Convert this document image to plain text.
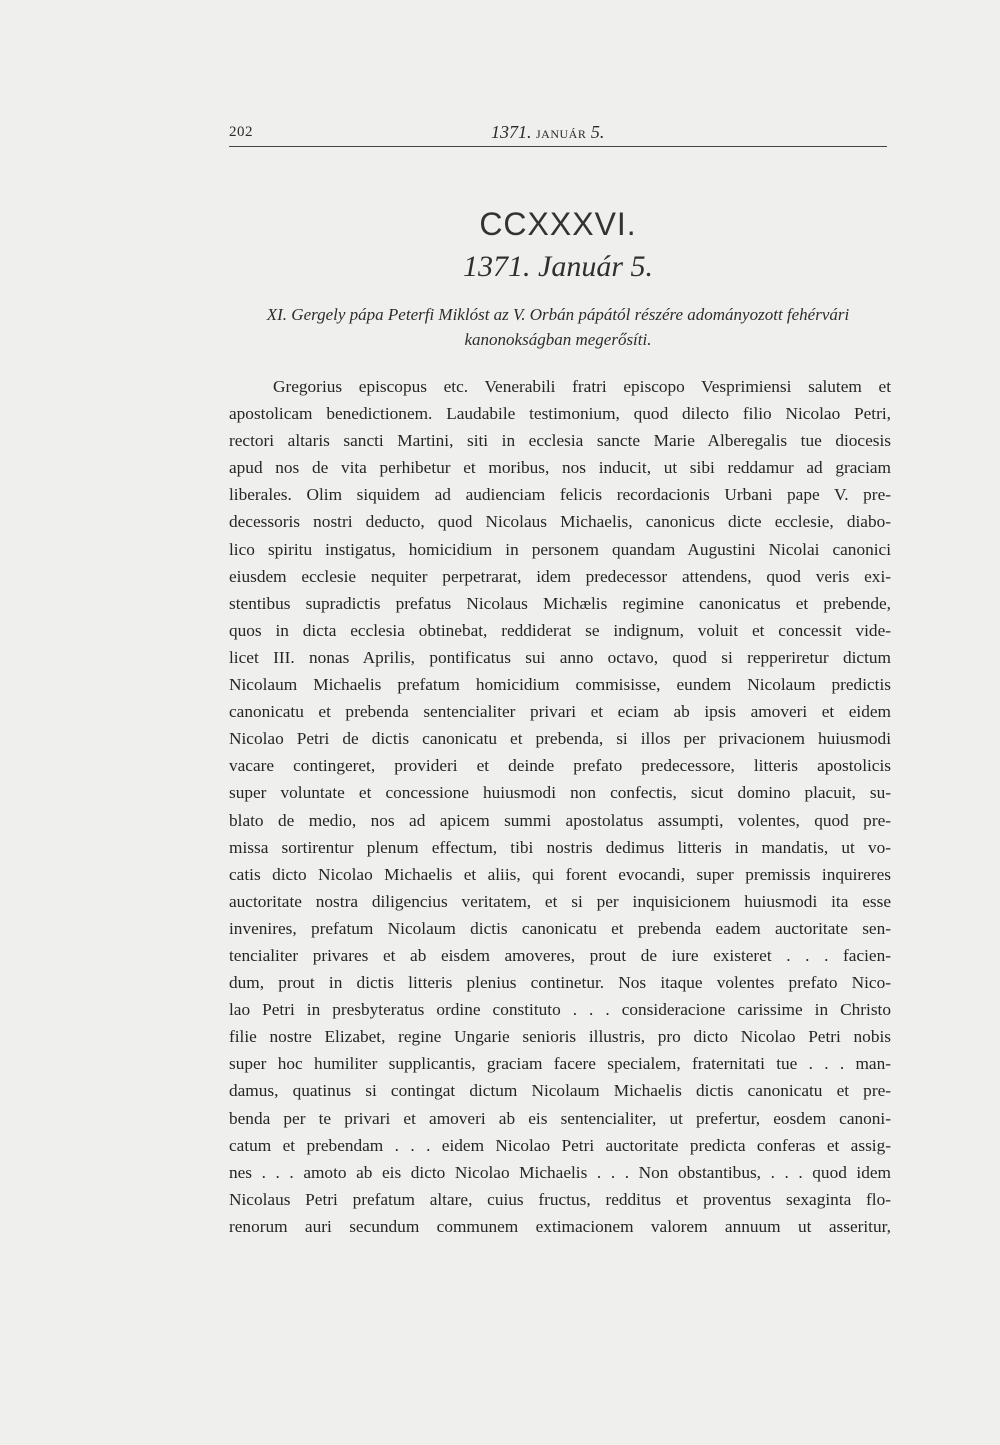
202	1371. JANUÁR 5.
CCXXXVI.
1371. Január 5.
XI. Gergely pápa Peterfi Miklóst az V. Orbán pápától részére adományozott fehérvári
kanonokságban megerősíti.
Gregorius episcopus etc. Venerabili fratri episcopo Vesprimiensi salutem et
apostolicam benedictionem. Laudabile testimonium, quod dilecto filio Nicolao Petri,
rectori altaris sancti Martini, siti in ecclesia sancte Marie Alberegalis tue diocesis
apud nos de vita perhibetur et moribus, nos inducit, ut sibi reddamur ad graciam
liberales. Olim siquidem ad audienciam felicis recordacionis Urbani pape V. pre-
decessoris nostri deducto, quod Nicolaus Michaelis, canonicus dicte ecclesie, diabo-
lico spiritu instigatus, homicidium in personem quandam Augustini Nicolai canonici
eiusdem ecclesie nequiter perpetrarat, idem predecessor attendens, quod veris exi-
stentibus supradictis prefatus Nicolaus Michælis regimine canonicatus et prebende,
quos in dicta ecclesia obtinebat, reddiderat se indignum, voluit et concessit vide-
licet III. nonas Aprilis, pontificatus sui anno octavo, quod si repperiretur dictum
Nicolaum Michaelis prefatum homicidium commisisse, eundem Nicolaum predictis
canonicatu et prebenda sentencialiter privari et eciam ab ipsis amoveri et eidem
Nicolao Petri de dictis canonicatu et prebenda, si illos per privacionem huiusmodi
vacare contingeret, provideri et deinde prefato predecessore, litteris apostolicis
super voluntate et concessione huiusmodi non confectis, sicut domino placuit, su-
blato de medio, nos ad apicem summi apostolatus assumpti, volentes, quod pre-
missa sortirentur plenum effectum, tibi nostris dedimus litteris in mandatis, ut vo-
catis dicto Nicolao Michaelis et aliis, qui forent evocandi, super premissis inquireres
auctoritate nostra diligencius veritatem, et si per inquisicionem huiusmodi ita esse
invenires, prefatum Nicolaum dictis canonicatu et prebenda eadem auctoritate sen-
tencialiter privares et ab eisdem amoveres, prout de iure existeret . . . facien-
dum, prout in dictis litteris plenius continetur. Nos itaque volentes prefato Nico-
lao Petri in presbyteratus ordine constituto . . . consideracione carissime in Christo
filie nostre Elizabet, regine Ungarie senioris illustris, pro dicto Nicolao Petri nobis
super hoc humiliter supplicantis, graciam facere specialem, fraternitati tue . . . man-
damus, quatinus si contingat dictum Nicolaum Michaelis dictis canonicatu et pre-
benda per te privari et amoveri ab eis sentencialiter, ut prefertur, eosdem canoni-
catum et prebendam . . . eidem Nicolao Petri auctoritate predicta conferas et assig-
nes . . . amoto ab eis dicto Nicolao Michaelis . . . Non obstantibus, . . . quod idem
Nicolaus Petri prefatum altare, cuius fructus, redditus et proventus sexaginta flo-
renorum auri secundum communem extimacionem valorem annuum ut asseritur,
